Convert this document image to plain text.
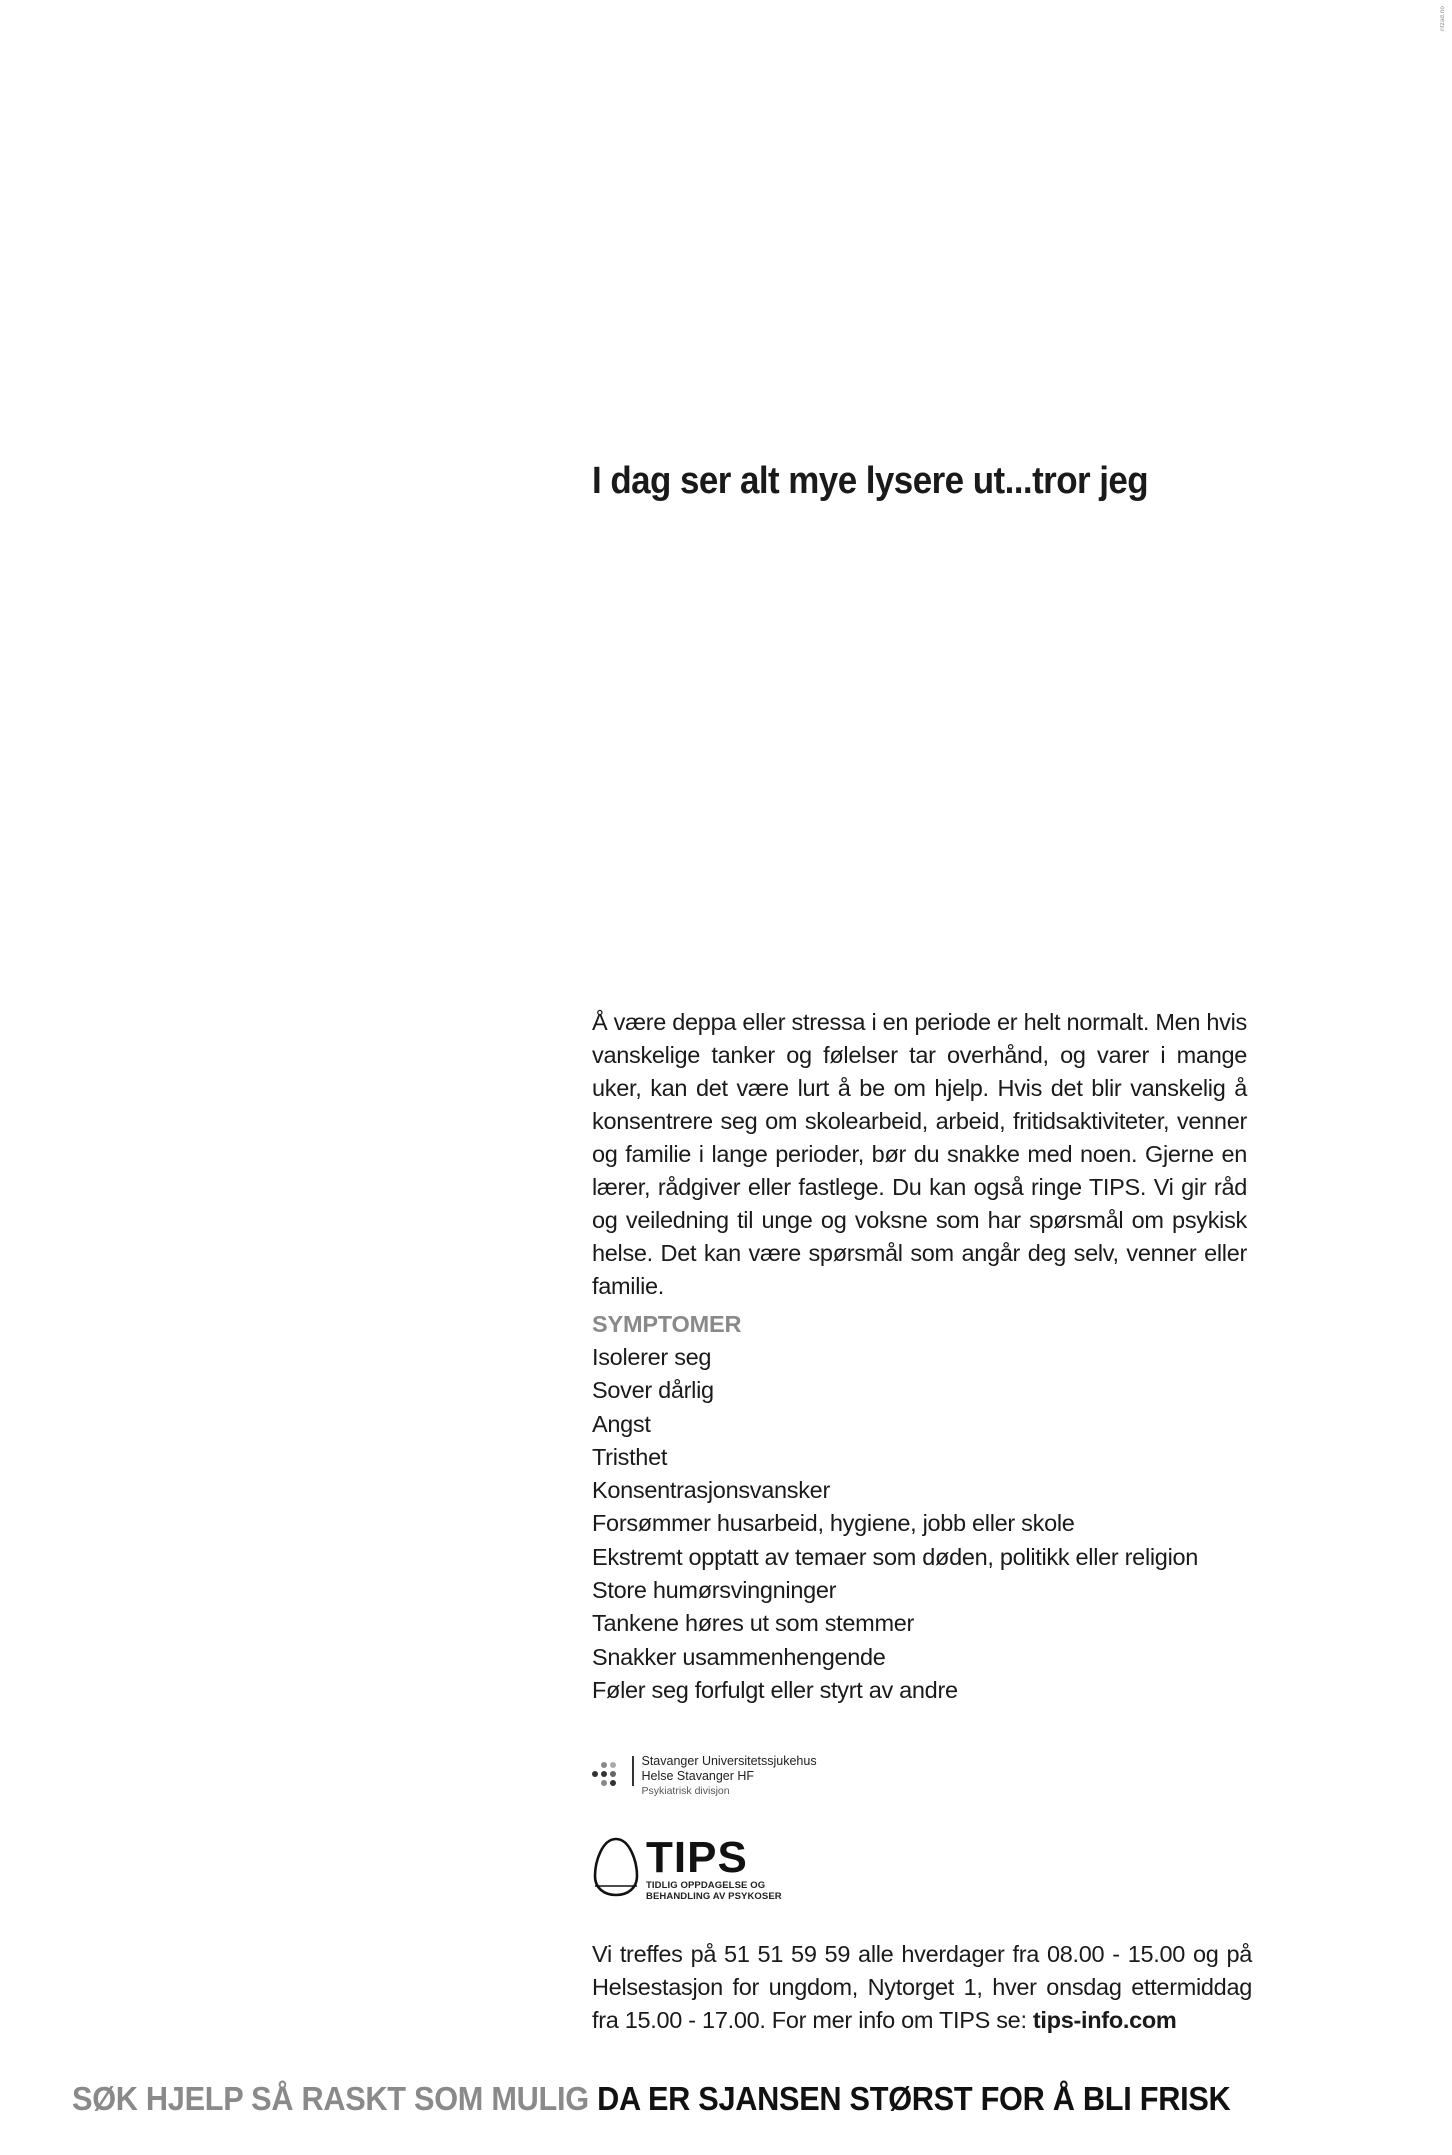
ritzad.no
I dag ser alt mye lysere ut...tror jeg

Å være deppa eller stressa i en periode er helt normalt. Men hvis vanskelige tanker og følelser tar overhånd, og varer i mange uker, kan det være lurt å be om hjelp. Hvis det blir vanskelig å konsentrere seg om skolearbeid, arbeid, fritidsaktiviteter, venner og familie i lange perioder, bør du snakke med noen. Gjerne en lærer, rådgiver eller fastlege. Du kan også ringe TIPS. Vi gir råd og veiledning til unge og voksne som har spørsmål om psykisk helse. Det kan være spørsmål som angår deg selv, venner eller familie.

SYMPTOMER
Isolerer seg
Sover dårlig
Angst
Tristhet
Konsentrasjonsvansker
Forsømmer husarbeid, hygiene, jobb eller skole
Ekstremt opptatt av temaer som døden, politikk eller religion
Store humørsvingninger
Tankene høres ut som stemmer
Snakker usammenhengende
Føler seg forfulgt eller styrt av andre
Stavanger Universitetssjukehus
Helse Stavanger HF
Psykiatrisk divisjon
TIPS
TIDLIG OPPDAGELSE OG
BEHANDLING AV PSYKOSER

Vi treffes på 51 51 59 59 alle hverdager fra 08.00 - 15.00 og på Helsestasjon for ungdom, Nytorget 1, hver onsdag ettermiddag fra 15.00 - 17.00. For mer info om TIPS se: tips-info.com

SØK HJELP SÅ RASKT SOM MULIG DA ER SJANSEN STØRST FOR Å BLI FRISK
